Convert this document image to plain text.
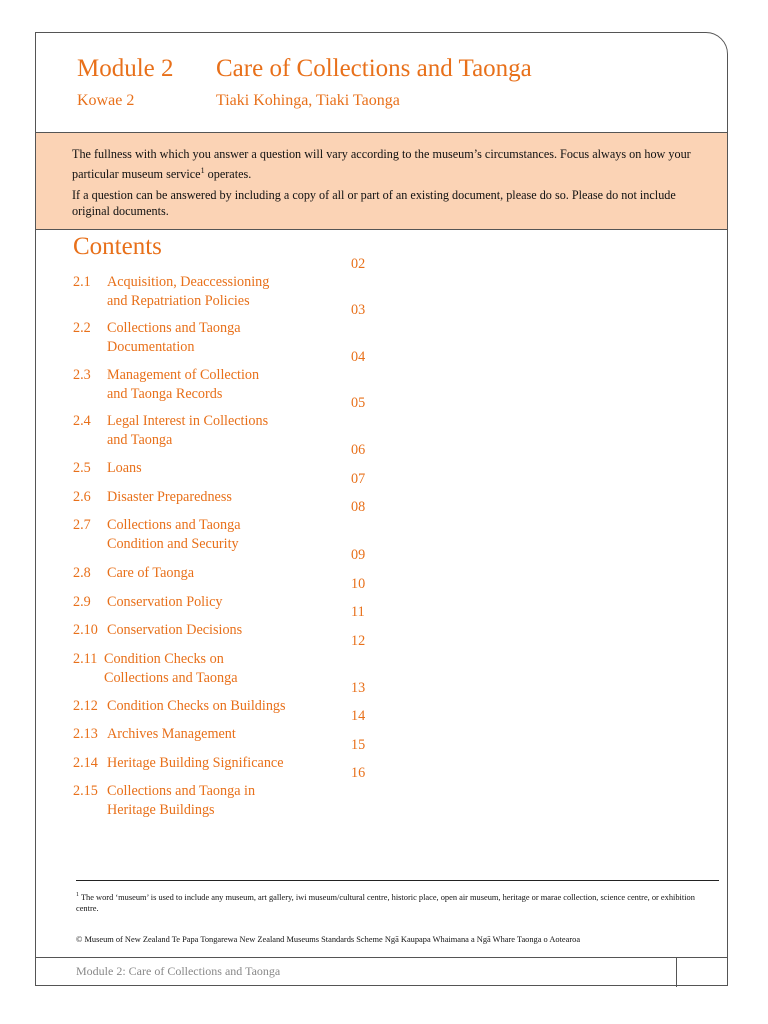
Module 2 Care of Collections and Taonga
Kowae 2	Tiaki Kohinga, Tiaki Taonga

The fullness with which you answer a question will vary according to the museum’s circumstances. Focus always on how your particular museum service$^1$ operates.

If a question can be answered by including a copy of all or part of an existing document, please do so. Please do not include original documents.

Contents
2.1 Acquisition, Deaccessioning
and Repatriation Policies
02
2.2 Collections and Taonga
Documentation
03
2.3 Management of Collection
and Taonga Records
04
2.4 Legal Interest in Collections
and Taonga
05
2.5 Loans
06
2.6 Disaster Preparedness
07
2.7 Collections and Taonga
Condition and Security
08
2.8 Care of Taonga
09
2.9 Conservation Policy
10
2.10 Conservation Decisions
11
2.11 Condition Checks on
Collections and Taonga
12
2.12 Condition Checks on Buildings
13
2.13 Archives Management
14
2.14 Heritage Building Significance
15
2.15 Collections and Taonga in
Heritage Buildings
16
$^1$ The word ‘museum’ is used to include any museum, art gallery, iwi museum/cultural centre, historic place, open air museum, heritage or marae collection, science centre, or exhibition centre.
© Museum of New Zealand Te Papa Tongarewa New Zealand Museums Standards Scheme Ngā Kaupapa Whaimana a Ngā Whare Taonga o Aotearoa
Module 2: Care of Collections and Taonga
